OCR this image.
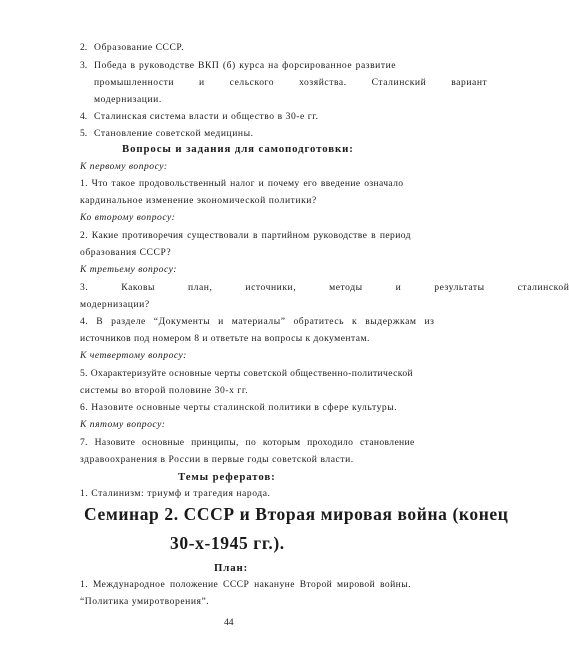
2. Образование СССР.
3. Победа в руководстве ВКП (б) курса на форсированное развитие
промышленности и сельского хозяйства. Сталинский вариант
модернизации.
4. Сталинская система власти и общество в 30-е гг.
5. Становление советской медицины.
Вопросы и задания для самоподготовки:
К первому вопросу:
1. Что такое продовольственный налог и почему его введение означало
кардинальное изменение экономической политики?
Ко второму вопросу:
2. Какие противоречия существовали в партийном руководстве в период
образования СССР?
К третьему вопросу:
3. Каковы план, источники, методы и результаты сталинской
модернизации?
4. В разделе “Документы и материалы” обратитесь к выдержкам из
источников под номером 8 и ответьте на вопросы к документам.
К четвертому вопросу:
5. Охарактеризуйте основные черты советской общественно-политической
системы во второй половине 30-х гг.
6. Назовите основные черты сталинской политики в сфере культуры.
К пятому вопросу:
7. Назовите основные принципы, по которым проходило становление
здравоохранения в России в первые годы советской власти.
Темы рефератов:
1. Сталинизм: триумф и трагедия народа.
Семинар 2. СССР и Вторая мировая война (конец
30-х-1945 гг.).
План:
1. Международное положение СССР накануне Второй мировой войны.
“Политика умиротворения”.
44
